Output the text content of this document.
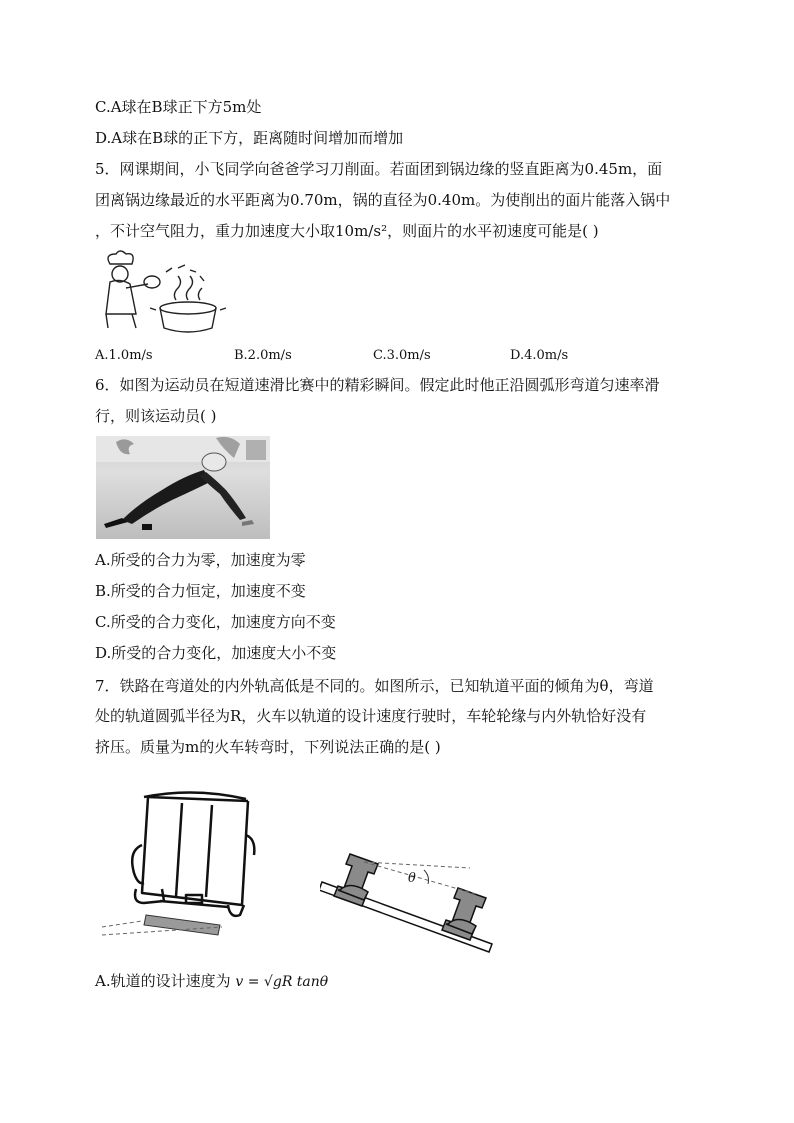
C.A球在B球正下方5m处
D.A球在B球的正下方，距离随时间增加而增加
5．网课期间，小飞同学向爸爸学习刀削面。若面团到锅边缘的竖直距离为0.45m，面
团离锅边缘最近的水平距离为0.70m，锅的直径为0.40m。为使削出的面片能落入锅中
，不计空气阻力，重力加速度大小取10m/s²，则面片的水平初速度可能是( )
A.1.0m/s	B.2.0m/s	C.3.0m/s	D.4.0m/s
6．如图为运动员在短道速滑比赛中的精彩瞬间。假定此时他正沿圆弧形弯道匀速率滑
行，则该运动员( )
A.所受的合力为零，加速度为零
B.所受的合力恒定，加速度不变
C.所受的合力变化，加速度方向不变
D.所受的合力变化，加速度大小不变
7．铁路在弯道处的内外轨高低是不同的。如图所示，已知轨道平面的倾角为θ，弯道
处的轨道圆弧半径为R，火车以轨道的设计速度行驶时，车轮轮缘与内外轨恰好没有
挤压。质量为m的火车转弯时，下列说法正确的是( )
θ
A.轨道的设计速度为 v = √gR tanθ
